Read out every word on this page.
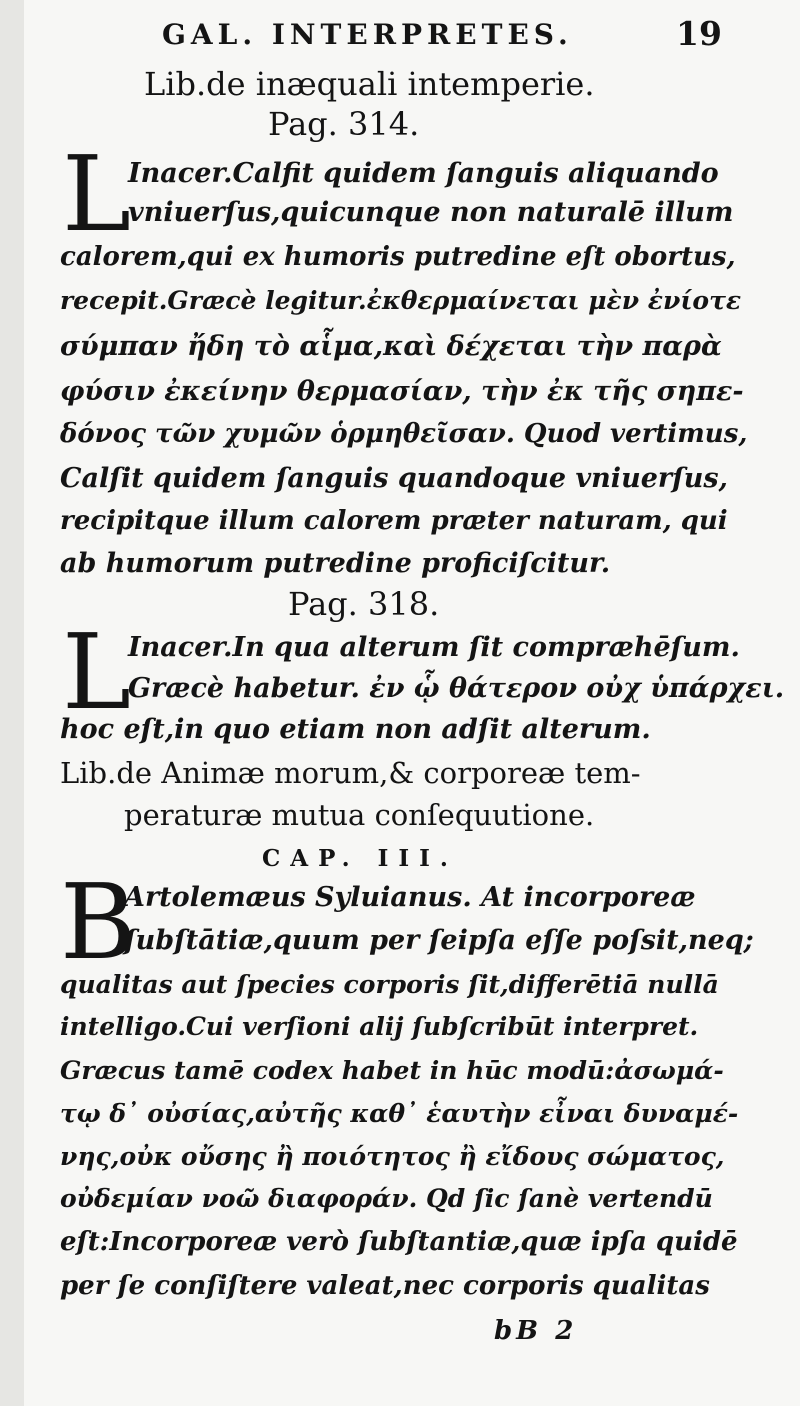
GAL. INTERPRETES.	19
Lib.de inæquali intemperie.
Pag. 314.
L
Inacer.Calfit quidem ſanguis aliquando
vniuerſus,quicunque non naturalē illum
calorem,qui ex humoris putredine eſt obortus,
recepit.Græcè legitur.ἐκθερμαίνεται μὲν ἐνίοτε
σύμπαν ἤδη τὸ αἷμα,καὶ δέχεται τὴν παρὰ
φύσιν ἐκείνην θερμασίαν, τὴν ἐκ τῆς σηπε-
δόνος τῶν χυμῶν ὁρμηθεῖσαν. Quod vertimus,
Calſit quidem ſanguis quandoque vniuerſus,
recipitque illum calorem præter naturam, qui
ab humorum putredine proficiſcitur.
Pag. 318.
L
Inacer.In qua alterum ſit compræhēſum.
Græcè habetur. ἐν ᾧ θάτερον οὐχ ὑπάρχει.
hoc eſt,in quo etiam non adſit alterum.
Lib.de Animæ morum,& corporeæ tem-
peraturæ mutua conſequutione.
CAP. III.
B
Artolemæus Syluianus. At incorporeæ
ſubſtātiæ,quum per ſeipſa eſſe poſsit,neq;
qualitas aut ſpecies corporis ſit,differētiā nullā
intelligo.Cui verſioni alij ſubſcribūt interpret.
Græcus tamē codex habet in hūc modū:ἀσωμά-
τῳ δ᾽ οὐσίας,αὐτῆς καθ᾽ ἑαυτὴν εἶναι δυναμέ-
νης,οὐκ οὔσης ἢ ποιότητος ἢ εἴδους σώματος,
οὐδεμίαν νοῶ διαφοράν. Qd ſic ſanè vertendū
eſt:Incorporeæ verò ſubſtantiæ,quæ ipſa quidē
per ſe conſiſtere valeat,nec corporis qualitas
bB 2
